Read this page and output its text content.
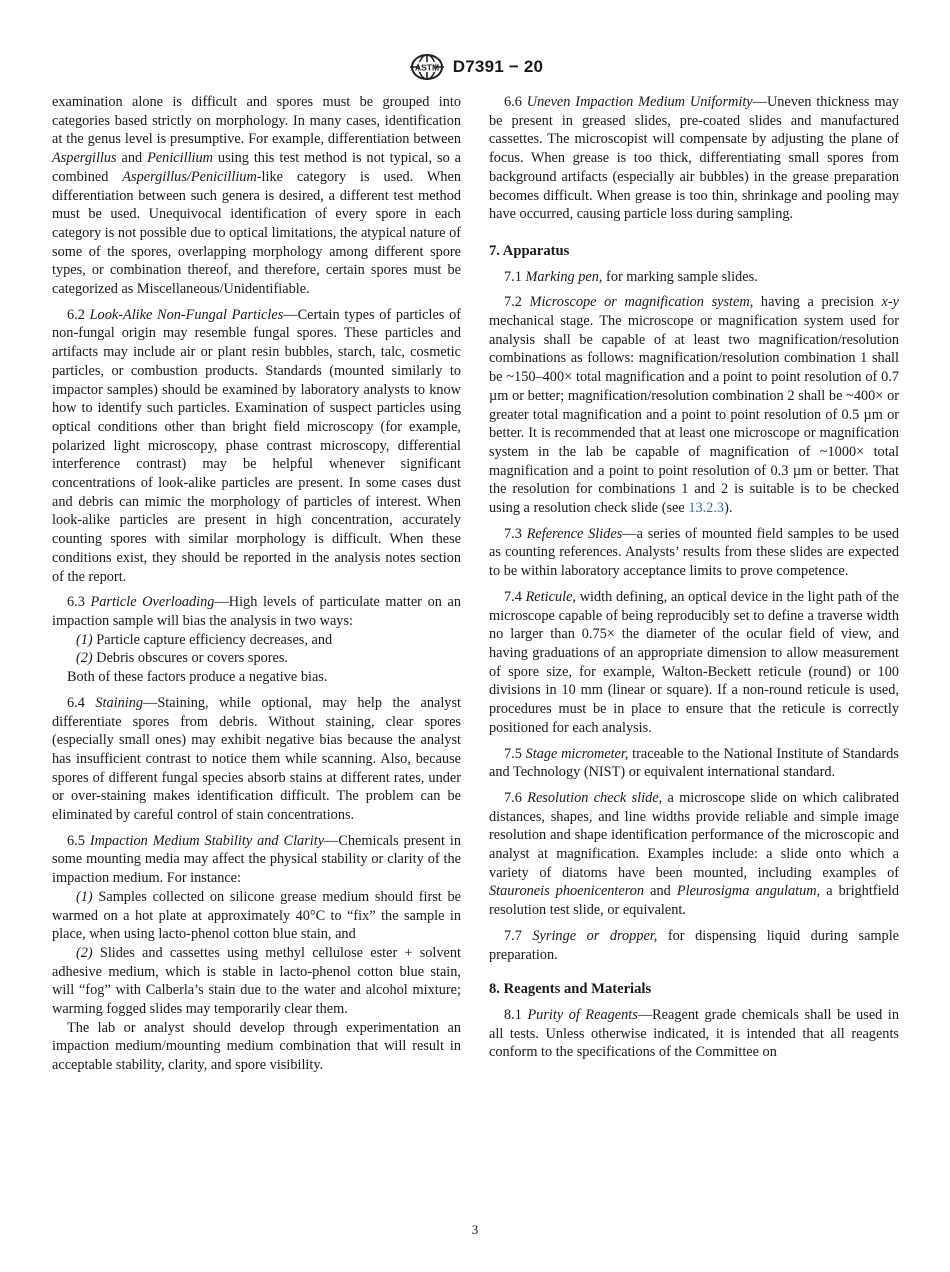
ASTM D7391 − 20

examination alone is difficult and spores must be grouped into categories based strictly on morphology. In many cases, identification at the genus level is presumptive. For example, differentiation between Aspergillus and Penicillium using this test method is not typical, so a combined Aspergillus/Penicillium-like category is used. When differentiation between such genera is desired, a different test method must be used. Unequivocal identification of every spore in each category is not possible due to optical limitations, the atypical nature of some of the spores, overlapping morphology among different spore types, or combination thereof, and therefore, certain spores must be categorized as Miscellaneous/Unidentifiable.

6.2 Look-Alike Non-Fungal Particles—Certain types of particles of non-fungal origin may resemble fungal spores. These particles and artifacts may include air or plant resin bubbles, starch, talc, cosmetic particles, or combustion products. Standards (mounted similarly to impactor samples) should be examined by laboratory analysts to know how to identify such particles. Examination of suspect particles using optical conditions other than bright field microscopy (for example, polarized light microscopy, phase contrast microscopy, differential interference contrast) may be helpful whenever significant concentrations of look-alike particles are present. In some cases dust and debris can mimic the morphology of particles of interest. When look-alike particles are present in high concentration, accurately counting spores with similar morphology is difficult. When these conditions exist, they should be reported in the analysis notes section of the report.

6.3 Particle Overloading—High levels of particulate matter on an impaction sample will bias the analysis in two ways:

(1) Particle capture efficiency decreases, and

(2) Debris obscures or covers spores.

Both of these factors produce a negative bias.

6.4 Staining—Staining, while optional, may help the analyst differentiate spores from debris. Without staining, clear spores (especially small ones) may exhibit negative bias because the analyst has insufficient contrast to notice them while scanning. Also, because spores of different fungal species absorb stains at different rates, under or over-staining makes identification difficult. The problem can be eliminated by careful control of stain concentrations.

6.5 Impaction Medium Stability and Clarity—Chemicals present in some mounting media may affect the physical stability or clarity of the impaction medium. For instance:

(1) Samples collected on silicone grease medium should first be warmed on a hot plate at approximately 40°C to “fix” the sample in place, when using lacto-phenol cotton blue stain, and

(2) Slides and cassettes using methyl cellulose ester + solvent adhesive medium, which is stable in lacto-phenol cotton blue stain, will “fog” with Calberla’s stain due to the water and alcohol mixture; warming fogged slides may temporarily clear them.

The lab or analyst should develop through experimentation an impaction medium/mounting medium combination that will result in acceptable stability, clarity, and spore visibility.

6.6 Uneven Impaction Medium Uniformity—Uneven thickness may be present in greased slides, pre-coated slides and manufactured cassettes. The microscopist will compensate by adjusting the plane of focus. When grease is too thick, differentiating small spores from background artifacts (especially air bubbles) in the grease preparation becomes difficult. When grease is too thin, shrinkage and pooling may have occurred, causing particle loss during sampling.

7. Apparatus

7.1 Marking pen, for marking sample slides.

7.2 Microscope or magnification system, having a precision x-y mechanical stage. The microscope or magnification system used for analysis shall be capable of at least two magnification/resolution combinations as follows: magnification/resolution combination 1 shall be ~150–400× total magnification and a point to point resolution of 0.7 µm or better; magnification/resolution combination 2 shall be ~400× or greater total magnification and a point to point resolution of 0.5 µm or better. It is recommended that at least one microscope or magnification system in the lab be capable of magnification of ~1000× total magnification and a point to point resolution of 0.3 µm or better. That the resolution for combinations 1 and 2 is suitable is to be checked using a resolution check slide (see 13.2.3).

7.3 Reference Slides—a series of mounted field samples to be used as counting references. Analysts’ results from these slides are expected to be within laboratory acceptance limits to prove competence.

7.4 Reticule, width defining, an optical device in the light path of the microscope capable of being reproducibly set to define a traverse width no larger than 0.75× the diameter of the ocular field of view, and having graduations of an appropriate dimension to allow measurement of spore size, for example, Walton-Beckett reticule (round) or 100 divisions in 10 mm (linear or square). If a non-round reticule is used, procedures must be in place to ensure that the reticule is correctly positioned for each analysis.

7.5 Stage micrometer, traceable to the National Institute of Standards and Technology (NIST) or equivalent international standard.

7.6 Resolution check slide, a microscope slide on which calibrated distances, shapes, and line widths provide reliable and simple image resolution and shape identification performance of the microscopic and analyst at magnification. Examples include: a slide onto which a variety of diatoms have been mounted, including examples of Stauroneis phoenicenteron and Pleurosigma angulatum, a brightfield resolution test slide, or equivalent.

7.7 Syringe or dropper, for dispensing liquid during sample preparation.

8. Reagents and Materials

8.1 Purity of Reagents—Reagent grade chemicals shall be used in all tests. Unless otherwise indicated, it is intended that all reagents conform to the specifications of the Committee on

3
